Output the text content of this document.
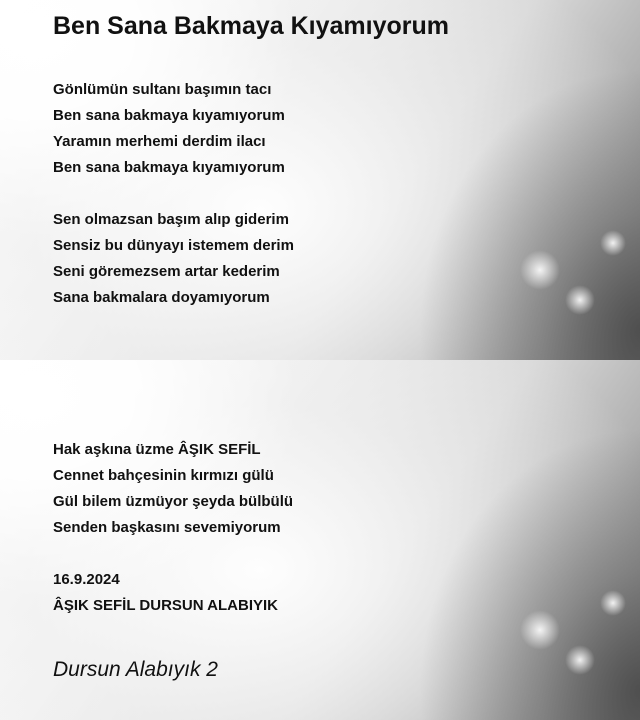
Ben Sana Bakmaya Kıyamıyorum
Gönlümün sultanı başımın tacı
Ben sana bakmaya kıyamıyorum
Yaramın merhemi derdim ilacı
Ben sana bakmaya kıyamıyorum
Sen olmazsan başım alıp giderim
Sensiz bu dünyayı istemem derim
Seni göremezsem artar kederim
Sana bakmalara doyamıyorum
Hak aşkına üzme ÂŞIK SEFİL
Cennet bahçesinin kırmızı gülü
Gül bilem üzmüyor şeyda bülbülü
Senden başkasını sevemiyorum
16.9.2024
ÂŞIK SEFİL DURSUN ALABIYIK
Dursun Alabıyık 2
